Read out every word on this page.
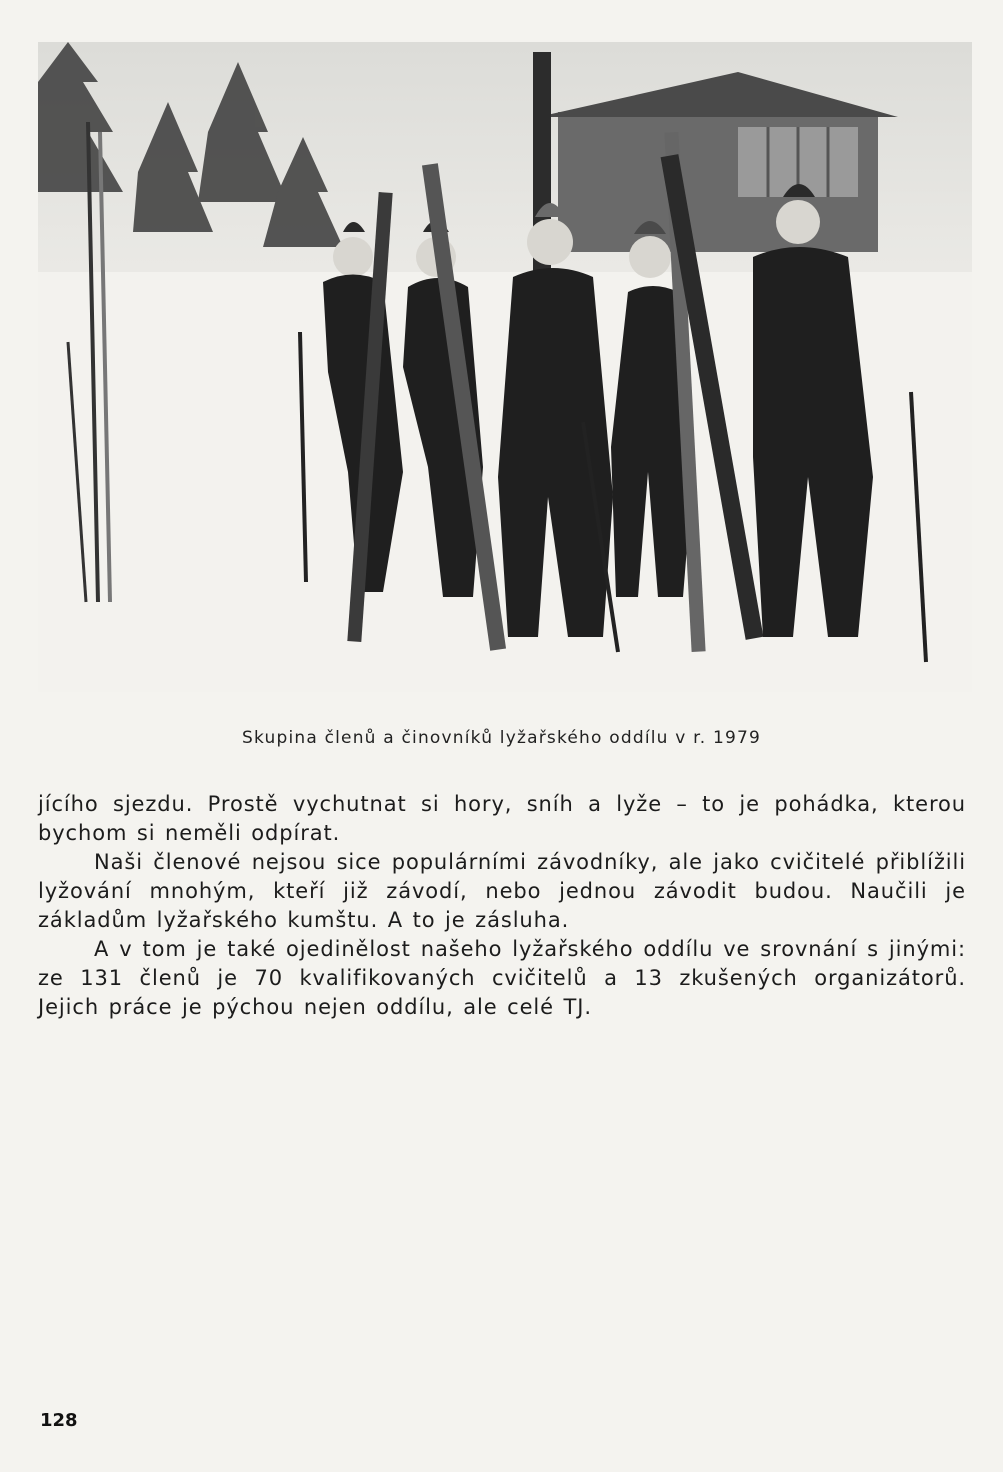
Skupina členů a činovníků lyžařského oddílu v r. 1979

jícího sjezdu. Prostě vychutnat si hory, sníh a lyže – to je pohádka, kterou bychom si neměli odpírat.

Naši členové nejsou sice populárními závodníky, ale jako cvičitelé přiblížili lyžování mnohým, kteří již závodí, nebo jednou závodit budou. Naučili je základům lyžařského kumštu. A to je zásluha.

A v tom je také ojedinělost našeho lyžařského oddílu ve srovnání s jinými: ze 131 členů je 70 kvalifikovaných cvičitelů a 13 zkušených organizátorů. Jejich práce je pýchou nejen oddílu, ale celé TJ.

128
